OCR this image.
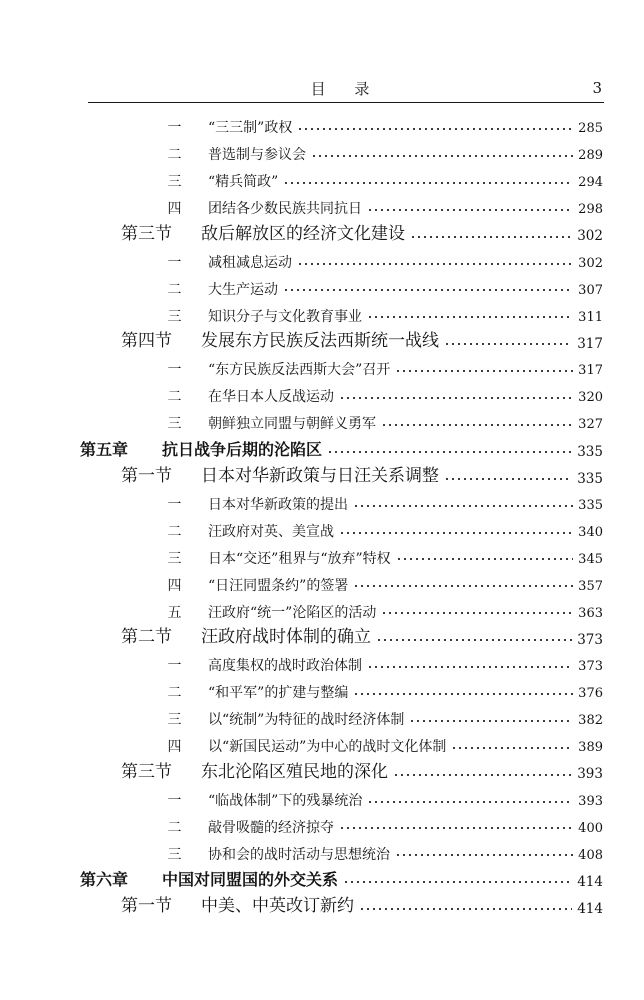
目 录	3
一	“三三制”政权	285
二	普选制与参议会	289
三	“精兵简政”	294
四	团结各少数民族共同抗日	298
第三节	敌后解放区的经济文化建设	302
一	减租减息运动	302
二	大生产运动	307
三	知识分子与文化教育事业	311
第四节	发展东方民族反法西斯统一战线	317
一	“东方民族反法西斯大会”召开	317
二	在华日本人反战运动	320
三	朝鲜独立同盟与朝鲜义勇军	327
第五章	抗日战争后期的沦陷区	335
第一节	日本对华新政策与日汪关系调整	335
一	日本对华新政策的提出	335
二	汪政府对英、美宣战	340
三	日本“交还”租界与“放弃”特权	345
四	“日汪同盟条约”的签署	357
五	汪政府“统一”沦陷区的活动	363
第二节	汪政府战时体制的确立	373
一	高度集权的战时政治体制	373
二	“和平军”的扩建与整编	376
三	以“统制”为特征的战时经济体制	382
四	以“新国民运动”为中心的战时文化体制	389
第三节	东北沦陷区殖民地的深化	393
一	“临战体制”下的残暴统治	393
二	敲骨吸髓的经济掠夺	400
三	协和会的战时活动与思想统治	408
第六章	中国对同盟国的外交关系	414
第一节	中美、中英改订新约	414
